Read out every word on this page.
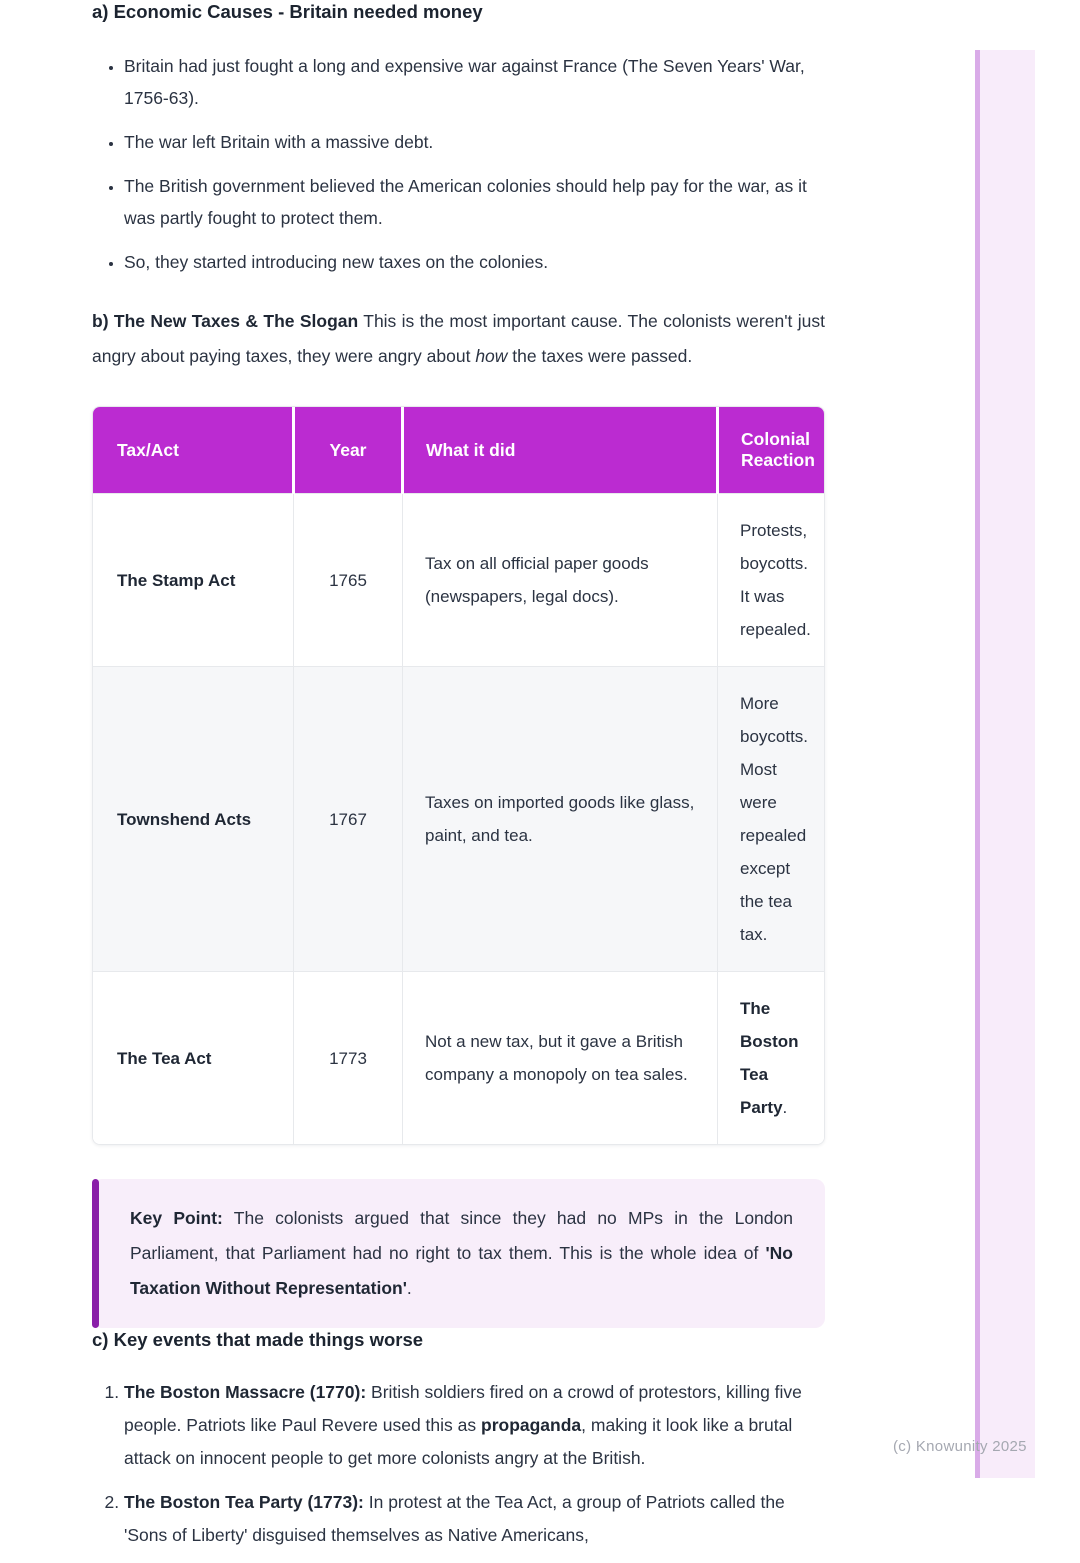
(c) Knowunity 2025
a) Economic Causes - Britain needed money
• Britain had just fought a long and expensive war against France (The Seven Years' War, 1756-63).
• The war left Britain with a massive debt.
• The British government believed the American colonies should help pay for the war, as it was partly fought to protect them.
• So, they started introducing new taxes on the colonies.

b) The New Taxes & The Slogan This is the most important cause. The colonists weren't just angry about paying taxes, they were angry about how the taxes were passed.

Tax/Act	Year	What it did	Colonial Reaction
The Stamp Act	1765	Tax on all official paper goods (newspapers, legal docs).	Protests, boycotts. It was repealed.
Townshend Acts	1767	Taxes on imported goods like glass, paint, and tea.	More boycotts. Most were repealed except the tea tax.
The Tea Act	1773	Not a new tax, but it gave a British company a monopoly on tea sales.	The Boston Tea Party.

Key Point: The colonists argued that since they had no MPs in the London Parliament, that Parliament had no right to tax them. This is the whole idea of 'No Taxation Without Representation'.

c) Key events that made things worse
1. The Boston Massacre (1770): British soldiers fired on a crowd of protestors, killing five people. Patriots like Paul Revere used this as propaganda, making it look like a brutal attack on innocent people to get more colonists angry at the British.
2. The Boston Tea Party (1773): In protest at the Tea Act, a group of Patriots called the 'Sons of Liberty' disguised themselves as Native Americans,
